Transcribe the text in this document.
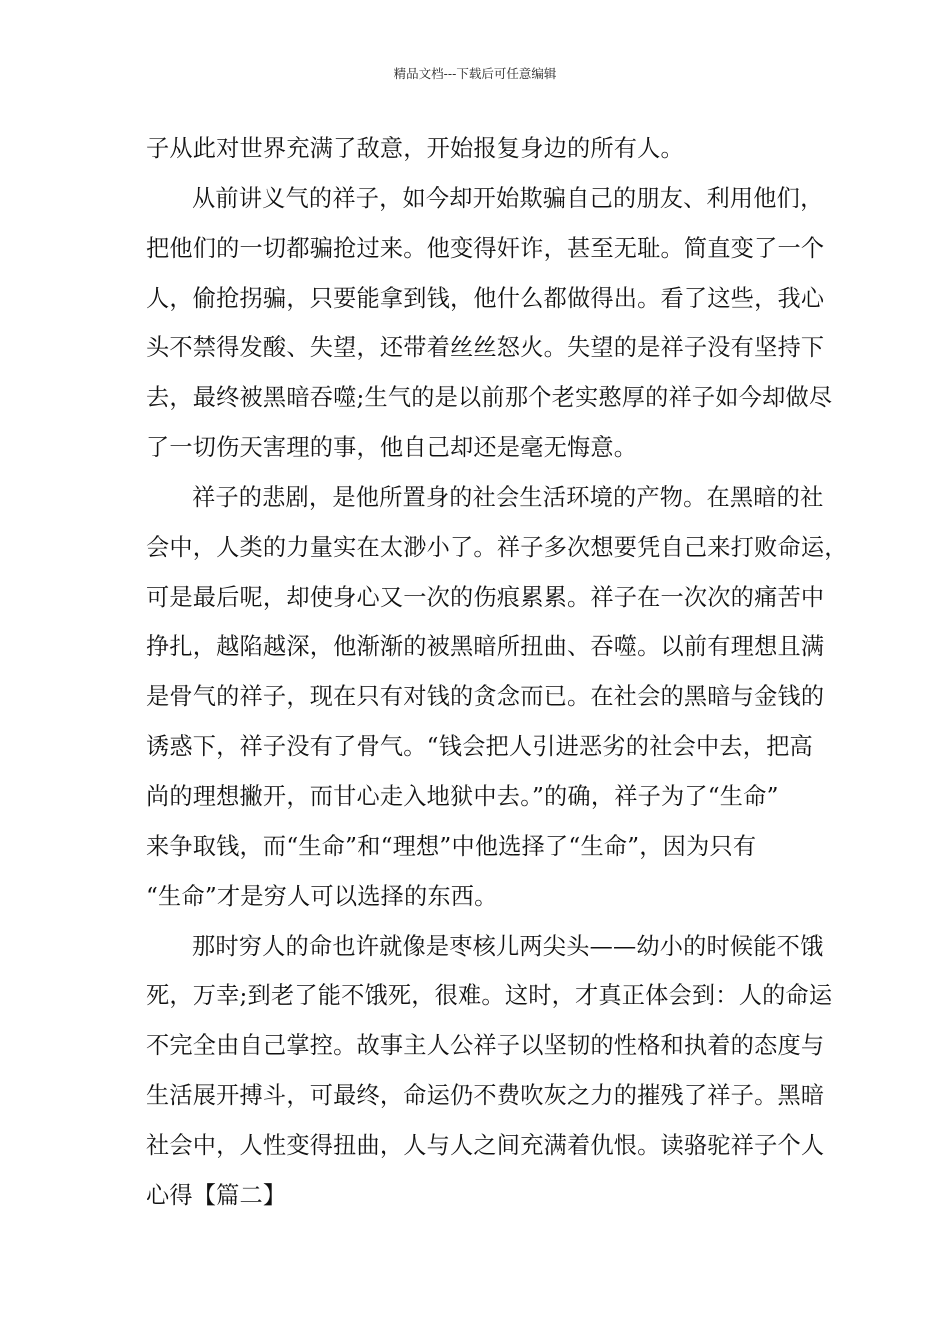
精品文档---下载后可任意编辑
子从此对世界充满了敌意，开始报复身边的所有人。
从前讲义气的祥子，如今却开始欺骗自己的朋友、利用他们，
把他们的一切都骗抢过来。他变得奸诈，甚至无耻。简直变了一个
人，偷抢拐骗，只要能拿到钱，他什么都做得出。看了这些，我心
头不禁得发酸、失望，还带着丝丝怒火。失望的是祥子没有坚持下
去，最终被黑暗吞噬;生气的是以前那个老实憨厚的祥子如今却做尽
了一切伤天害理的事，他自己却还是毫无悔意。
祥子的悲剧，是他所置身的社会生活环境的产物。在黑暗的社
会中，人类的力量实在太渺小了。祥子多次想要凭自己来打败命运，
可是最后呢，却使身心又一次的伤痕累累。祥子在一次次的痛苦中
挣扎，越陷越深，他渐渐的被黑暗所扭曲、吞噬。以前有理想且满
是骨气的祥子，现在只有对钱的贪念而已。在社会的黑暗与金钱的
诱惑下，祥子没有了骨气。“钱会把人引进恶劣的社会中去，把高
尚的理想撇开，而甘心走入地狱中去。”的确，祥子为了“生命”
来争取钱，而“生命”和“理想”中他选择了“生命”，因为只有
“生命”才是穷人可以选择的东西。
那时穷人的命也许就像是枣核儿两尖头——幼小的时候能不饿
死，万幸;到老了能不饿死，很难。这时，才真正体会到：人的命运
不完全由自己掌控。故事主人公祥子以坚韧的性格和执着的态度与
生活展开搏斗，可最终，命运仍不费吹灰之力的摧残了祥子。黑暗
社会中，人性变得扭曲，人与人之间充满着仇恨。读骆驼祥子个人
心得【篇二】
